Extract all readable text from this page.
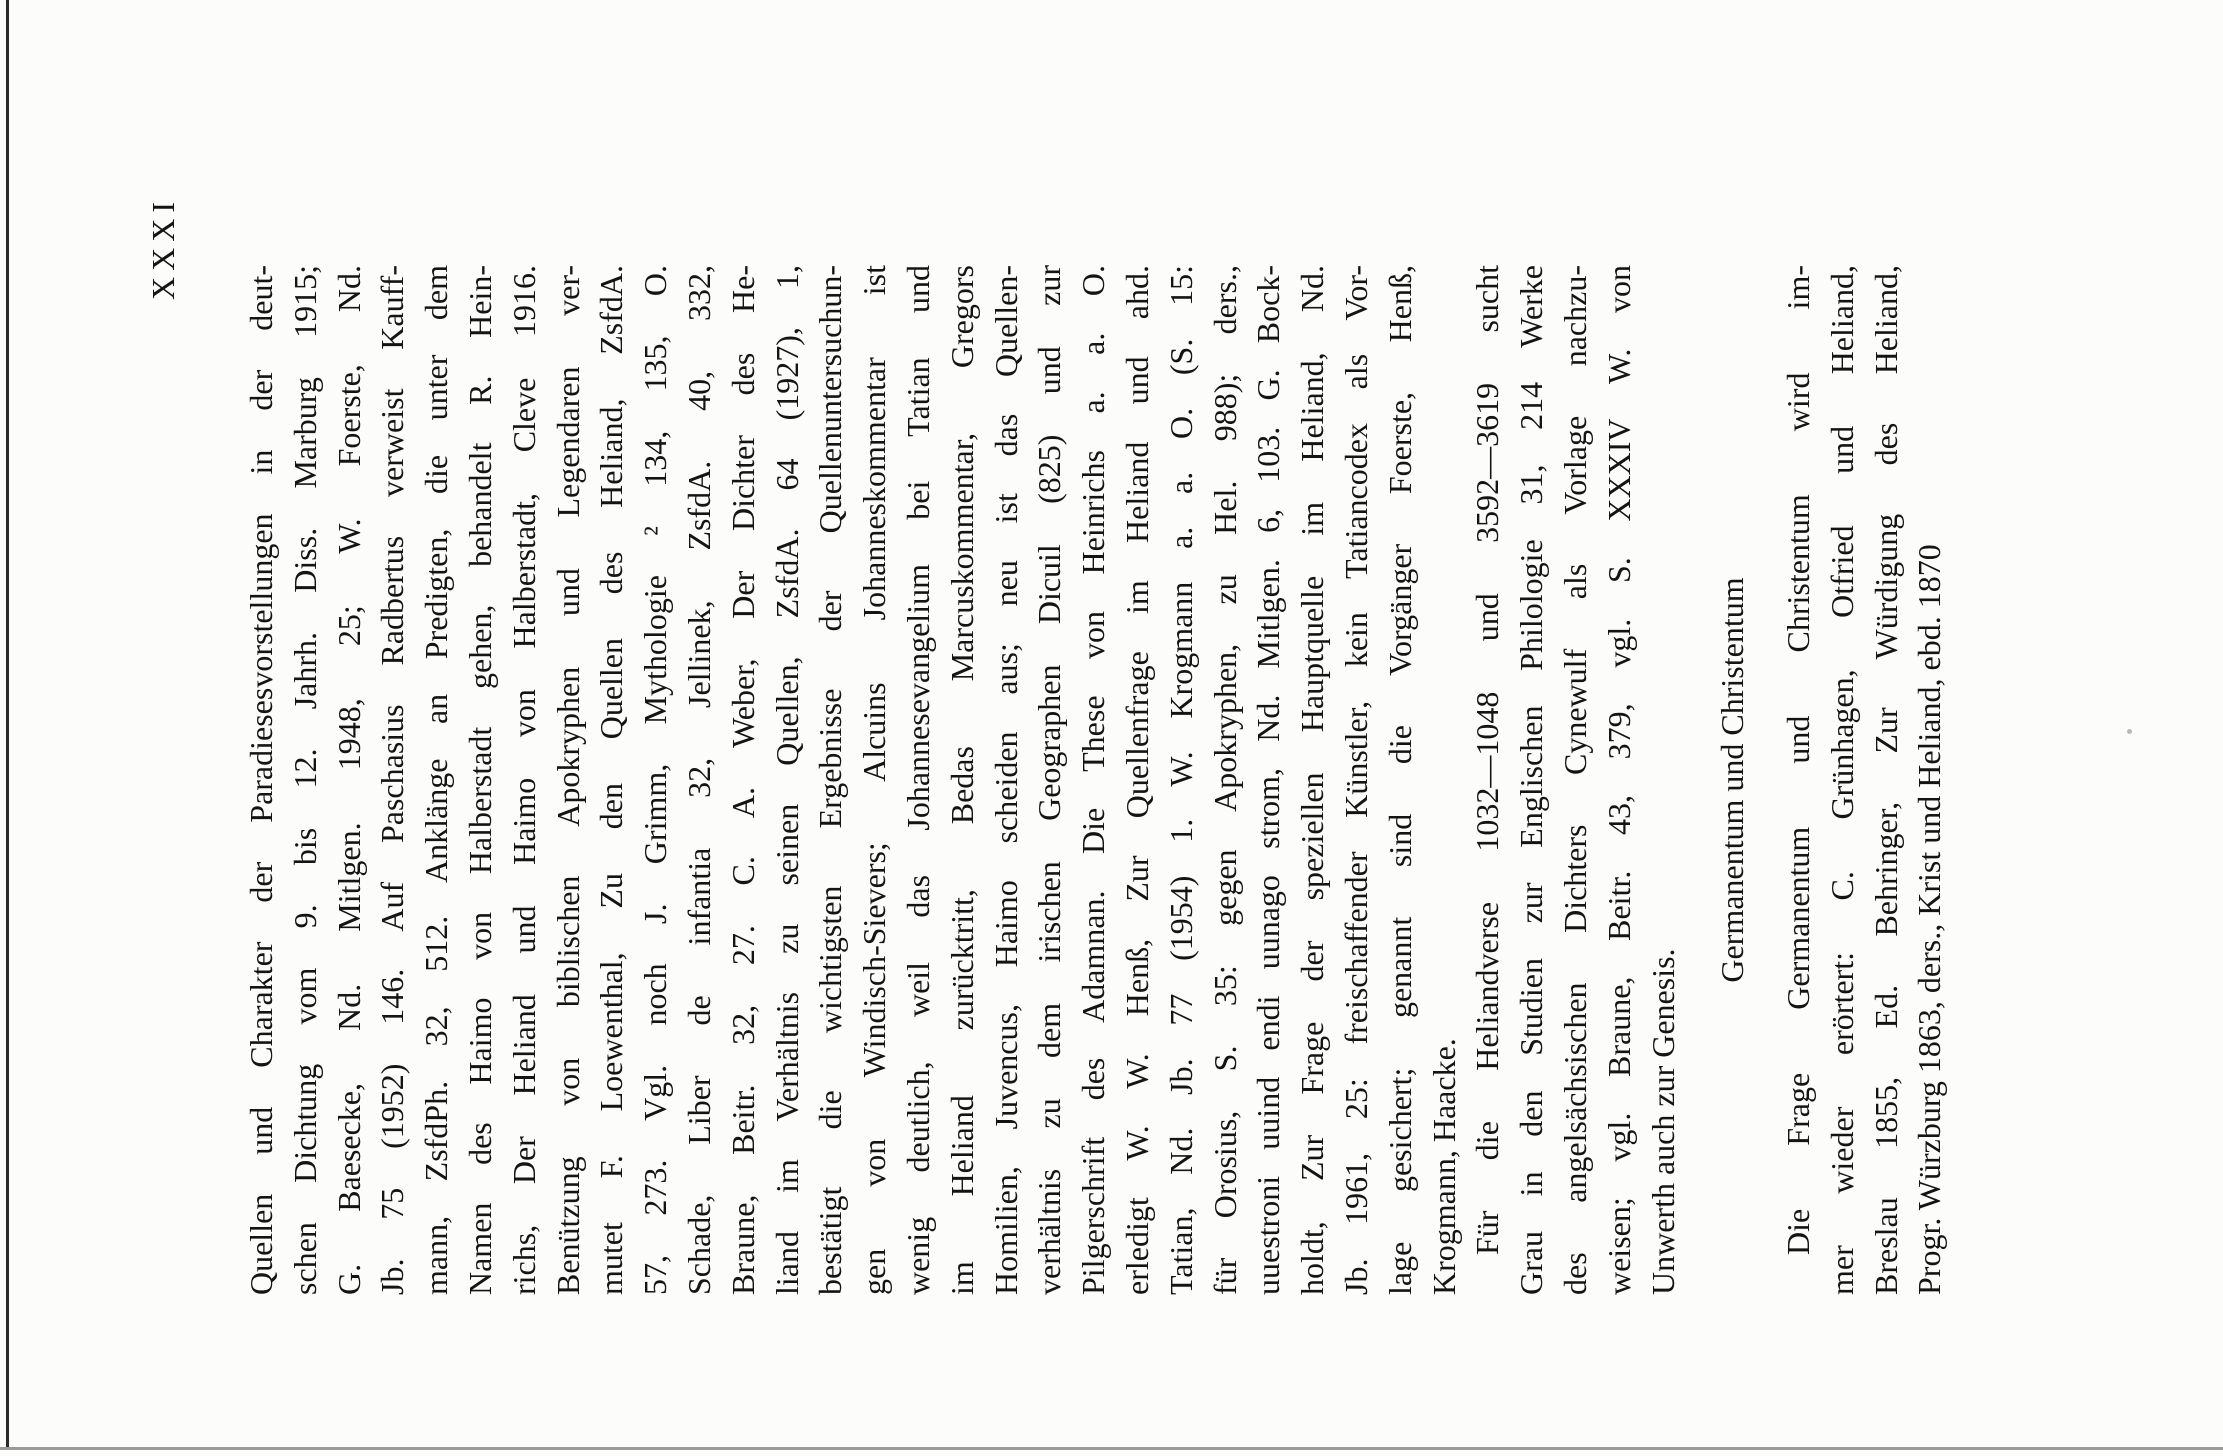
XXXI
Quellen und Charakter der Paradiesesvorstellungen in der deut- schen Dichtung vom 9. bis 12. Jahrh. Diss. Marburg 1915; G. Baesecke, Nd. Mitlgen. 1948, 25; W. Foerste, Nd. Jb. 75 (1952) 146. Auf Paschasius Radbertus verweist Kauff- mann, ZsfdPh. 32, 512. Anklänge an Predigten, die unter dem Namen des Haimo von Halberstadt gehen, behandelt R. Hein- richs, Der Heliand und Haimo von Halberstadt, Cleve 1916. Benützung von biblischen Apokryphen und Legendaren ver- mutet F. Loewenthal, Zu den Quellen des Heliand, ZsfdA. 57, 273. Vgl. noch J. Grimm, Mythologie ² 134, 135, O. Schade, Liber de infantia 32, Jellinek, ZsfdA. 40, 332, Braune, Beitr. 32, 27. C. A. Weber, Der Dichter des He- liand im Verhältnis zu seinen Quellen, ZsfdA. 64 (1927), 1, bestätigt die wichtigsten Ergebnisse der Quellenuntersuchun- gen von Windisch-Sievers; Alcuins Johanneskommentar ist wenig deutlich, weil das Johannesevangelium bei Tatian und im Heliand zurücktritt, Bedas Marcuskommentar, Gregors Homilien, Juvencus, Haimo scheiden aus; neu ist das Quellen- verhältnis zu dem irischen Geographen Dicuil (825) und zur Pilgerschrift des Adamnan. Die These von Heinrichs a. a. O. erledigt W. W. Henß, Zur Quellenfrage im Heliand und ahd. Tatian, Nd. Jb. 77 (1954) 1. W. Krogmann a. a. O. (S. 15: für Orosius, S. 35: gegen Apokryphen, zu Hel. 988); ders., uuestroni uuind endi uunago strom, Nd. Mitlgen. 6, 103. G. Bock- holdt, Zur Frage der speziellen Hauptquelle im Heliand, Nd. Jb. 1961, 25: freischaffender Künstler, kein Tatiancodex als Vor- lage gesichert; genannt sind die Vorgänger Foerste, Henß, Krogmann, Haacke. Für die Heliandverse 1032—1048 und 3592—3619 sucht Grau in den Studien zur Englischen Philologie 31, 214 Werke des angelsächsischen Dichters Cynewulf als Vorlage nachzu- weisen; vgl. Braune, Beitr. 43, 379, vgl. S. XXXIV W. von Unwerth auch zur Genesis.
Germanentum und Christentum Die Frage Germanentum und Christentum wird im- mer wieder erörtert: C. Grünhagen, Otfried und Heliand, Breslau 1855, Ed. Behringer, Zur Würdigung des Heliand, Progr. Würzburg 1863, ders., Krist und Heliand, ebd. 1870
